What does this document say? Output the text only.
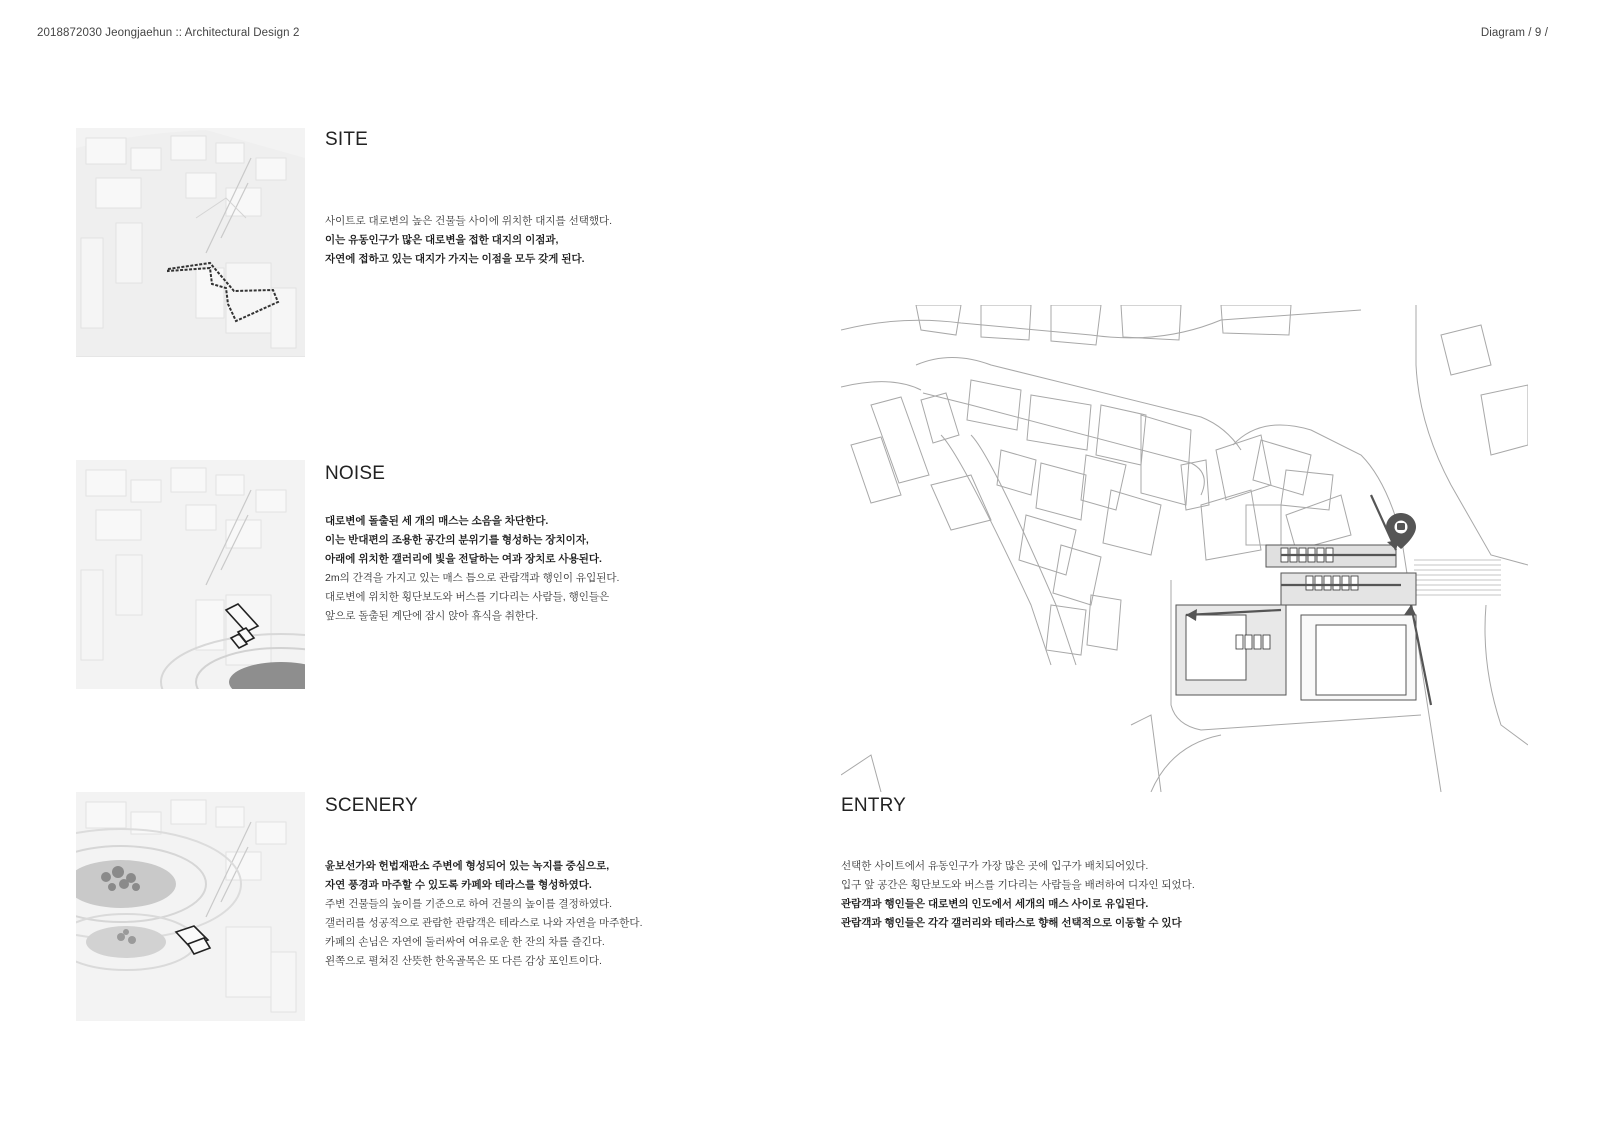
2018872030 Jeongjaehun :: Architectural Design 2	Diagram / 9 /
SITE
사이트로 대로변의 높은 건물들 사이에 위치한 대지를 선택했다.
이는 유동인구가 많은 대로변을 접한 대지의 이점과,
자연에 접하고 있는 대지가 가지는 이점을 모두 갖게 된다.
NOISE
대로변에 돌출된 세 개의 매스는 소음을 차단한다.
이는 반대편의 조용한 공간의 분위기를 형성하는 장치이자,
아래에 위치한 갤러리에 빛을 전달하는 여과 장치로 사용된다.
2m의 간격을 가지고 있는 매스 틈으로 관람객과 행인이 유입된다.
대로변에 위치한 횡단보도와 버스를 기다리는 사람들, 행인들은
앞으로 돌출된 계단에 잠시 앉아 휴식을 취한다.
SCENERY
윤보선가와 헌법재판소 주변에 형성되어 있는 녹지를 중심으로,
자연 풍경과 마주할 수 있도록 카페와 테라스를 형성하였다.
주변 건물들의 높이를 기준으로 하여 건물의 높이를 결정하였다.
갤러리를 성공적으로 관람한 관람객은 테라스로 나와 자연을 마주한다.
카페의 손님은 자연에 둘러싸여 여유로운 한 잔의 차를 즐긴다.
왼쪽으로 펼쳐진 산뜻한 한옥골목은 또 다른 감상 포인트이다.
ENTRY
선택한 사이트에서 유동인구가 가장 많은 곳에 입구가 배치되어있다.
입구 앞 공간은 횡단보도와 버스를 기다리는 사람들을 배려하여 디자인 되었다.
관람객과 행인들은 대로변의 인도에서 세개의 매스 사이로 유입된다.
관람객과 행인들은 각각 갤러리와 테라스로 향해 선택적으로 이동할 수 있다
